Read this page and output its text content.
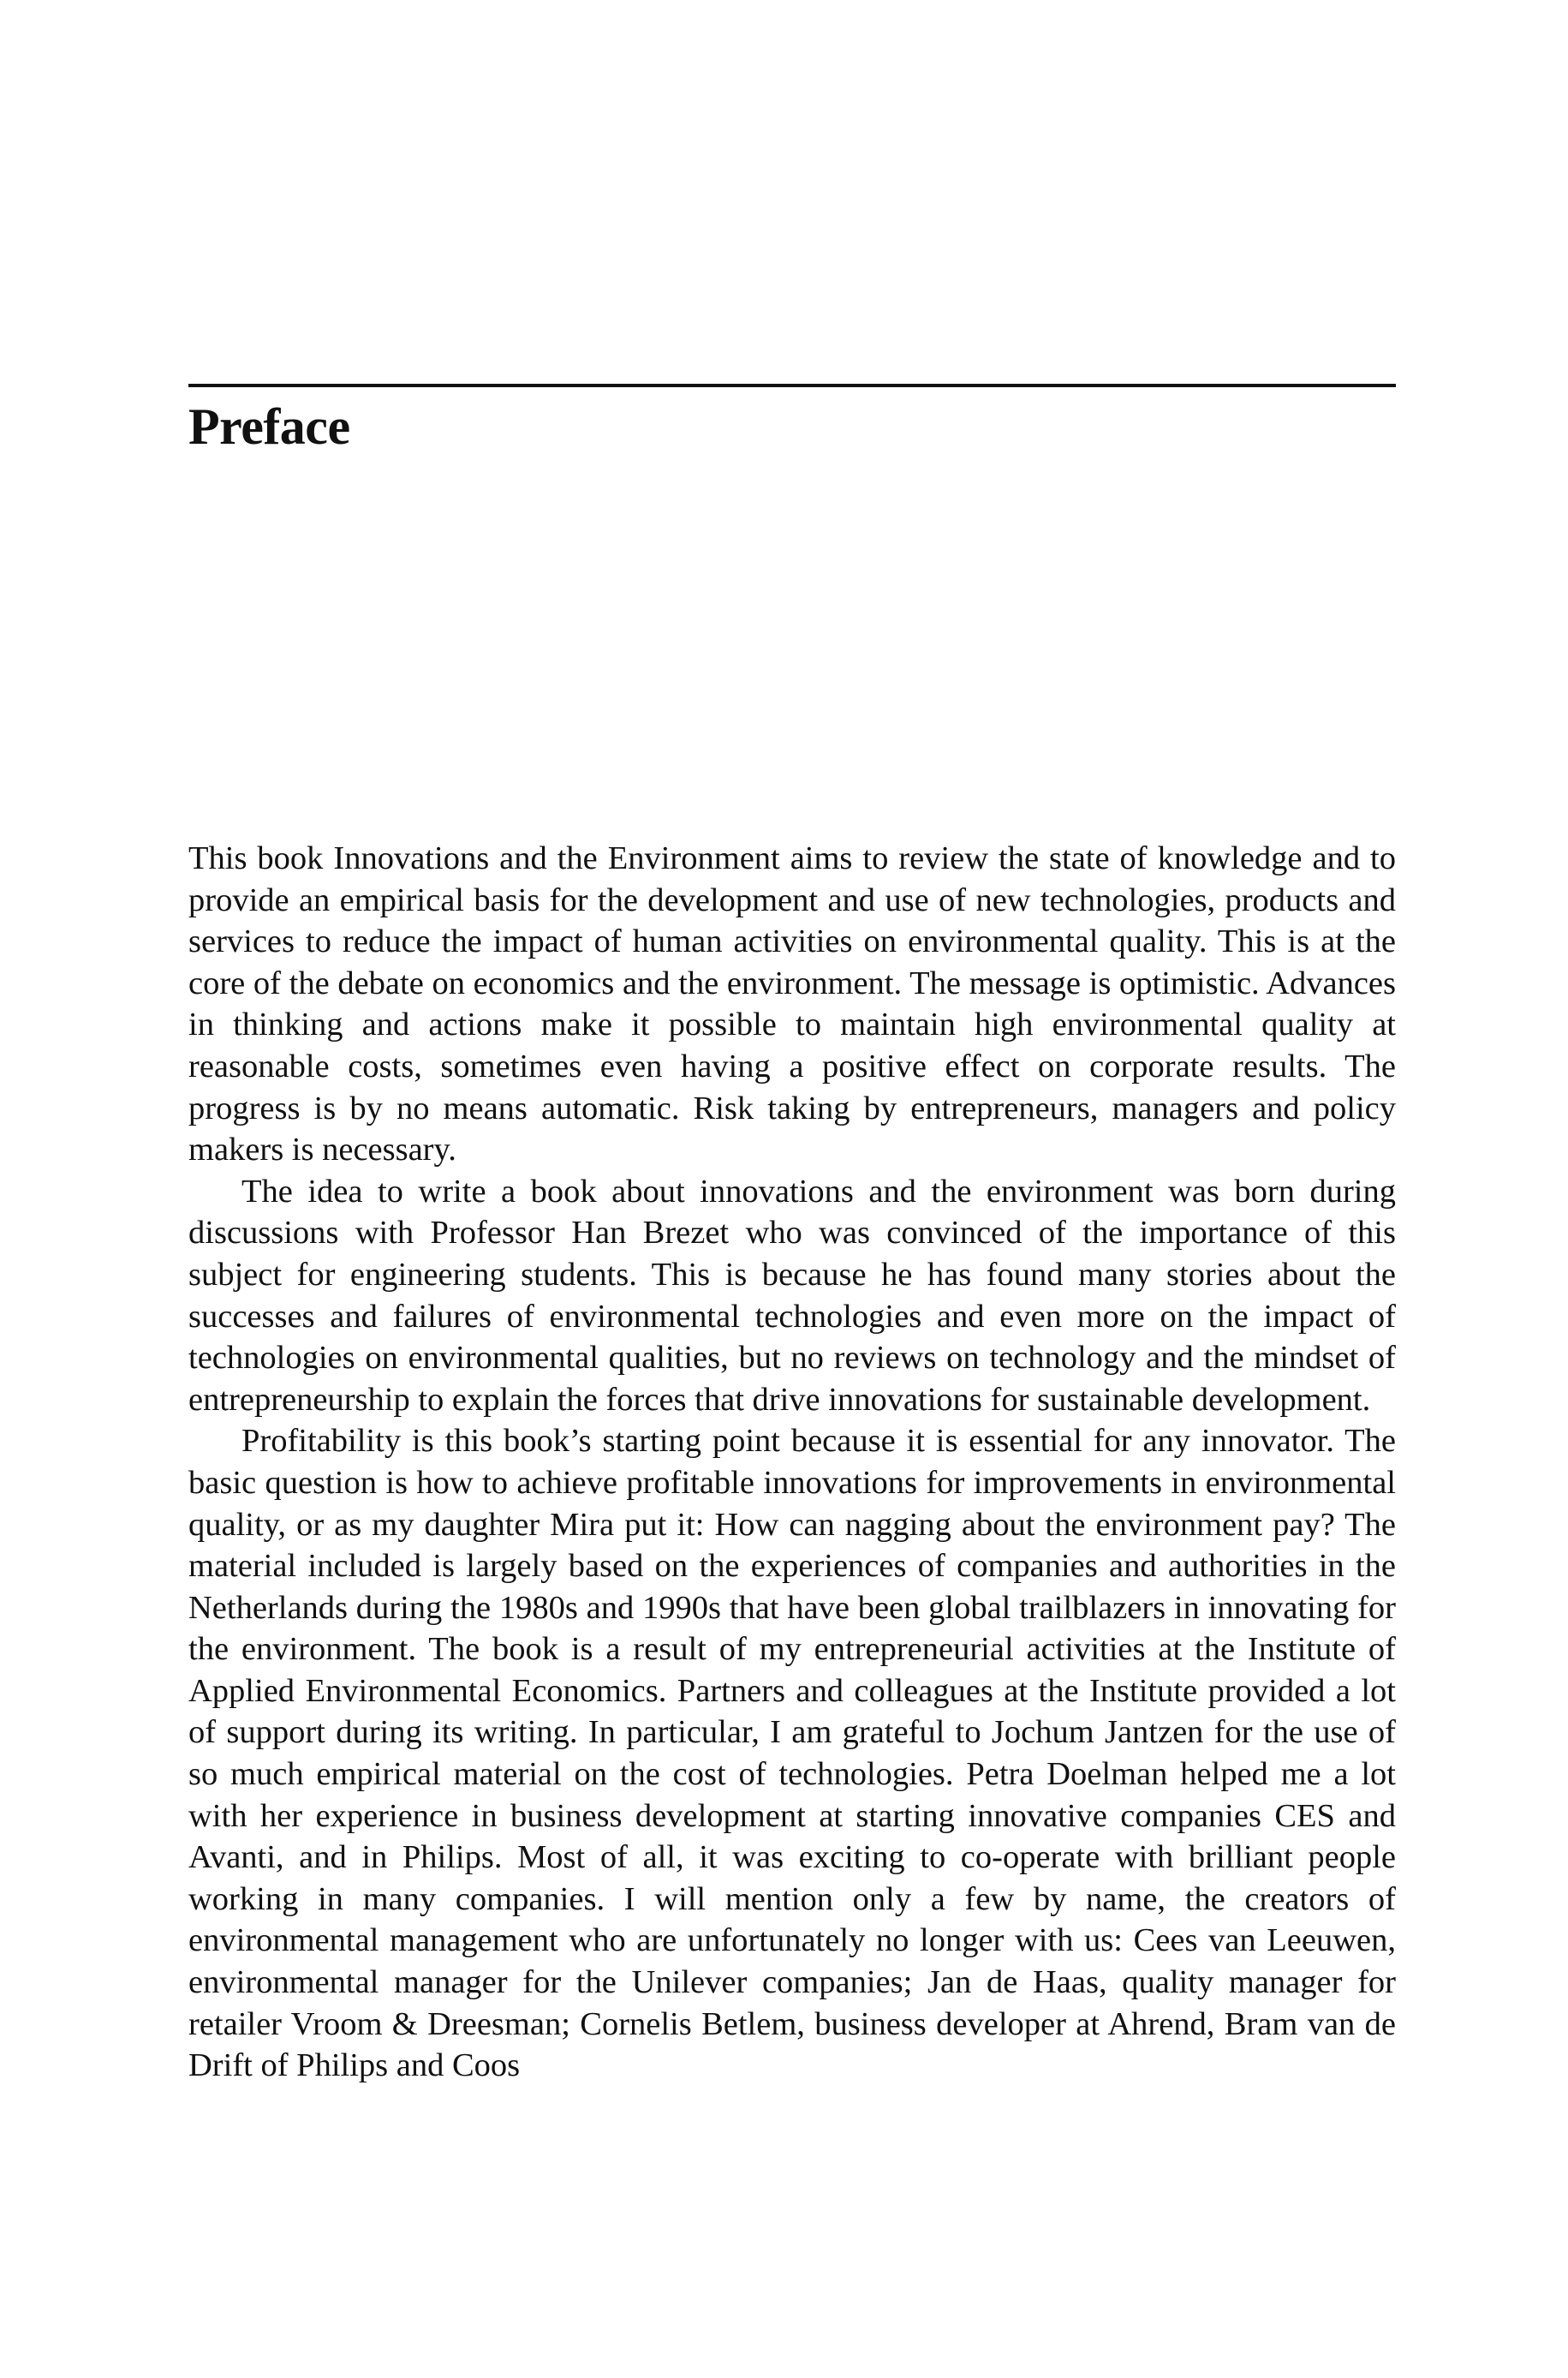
Preface

This book Innovations and the Environment aims to review the state of knowledge and to provide an empirical basis for the development and use of new technologies, products and services to reduce the impact of human activities on environmental quality. This is at the core of the debate on economics and the environment. The message is optimistic. Advances in thinking and actions make it possible to maintain high environmental quality at reasonable costs, sometimes even having a positive effect on corporate results. The progress is by no means automatic. Risk taking by entrepreneurs, managers and policy makers is necessary.

The idea to write a book about innovations and the environment was born during discussions with Professor Han Brezet who was convinced of the importance of this subject for engineering students. This is because he has found many stories about the successes and failures of environmental technologies and even more on the impact of technologies on environmental qualities, but no reviews on technology and the mindset of entrepreneurship to explain the forces that drive innovations for sustainable development.

Profitability is this book’s starting point because it is essential for any innovator. The basic question is how to achieve profitable innovations for improvements in environmental quality, or as my daughter Mira put it: How can nagging about the environment pay? The material included is largely based on the experiences of companies and authorities in the Netherlands during the 1980s and 1990s that have been global trailblazers in innovating for the environment. The book is a result of my entrepreneurial activities at the Institute of Applied Environmental Economics. Partners and colleagues at the Institute provided a lot of support during its writing. In particular, I am grateful to Jochum Jantzen for the use of so much empirical material on the cost of technologies. Petra Doelman helped me a lot with her experience in business development at starting innovative companies CES and Avanti, and in Philips. Most of all, it was exciting to co-operate with brilliant people working in many companies. I will mention only a few by name, the creators of environmental management who are unfortunately no longer with us: Cees van Leeuwen, environmental manager for the Unilever companies; Jan de Haas, quality manager for retailer Vroom & Dreesman; Cornelis Betlem, business developer at Ahrend, Bram van de Drift of Philips and Coos
